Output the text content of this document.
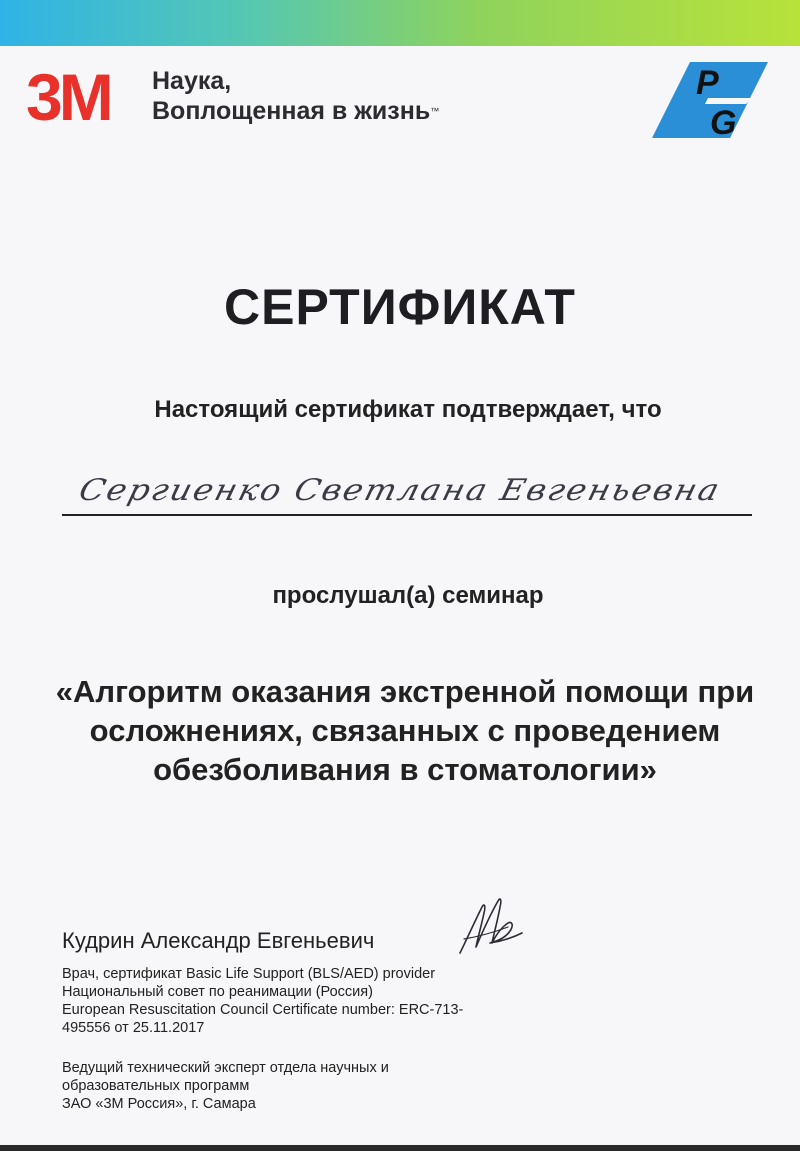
3M Наука,
Воплощенная в жизнь™
P
G
СЕРТИФИКАТ
Настоящий сертификат подтверждает, что
Сергиенко Светлана Евгеньевна
прослушал(а) семинар
«Алгоритм оказания экстренной помощи при
осложнениях, связанных с проведением
обезболивания в стоматологии»
Кудрин Александр Евгеньевич
Врач, сертификат Basic Life Support (BLS/AED) provider
Национальный совет по реанимации (Россия)
European Resuscitation Council Certificate number: ERC-713-
495556 от 25.11.2017
Ведущий технический эксперт отдела научных и
образовательных программ
ЗАО «3М Россия», г. Самара
